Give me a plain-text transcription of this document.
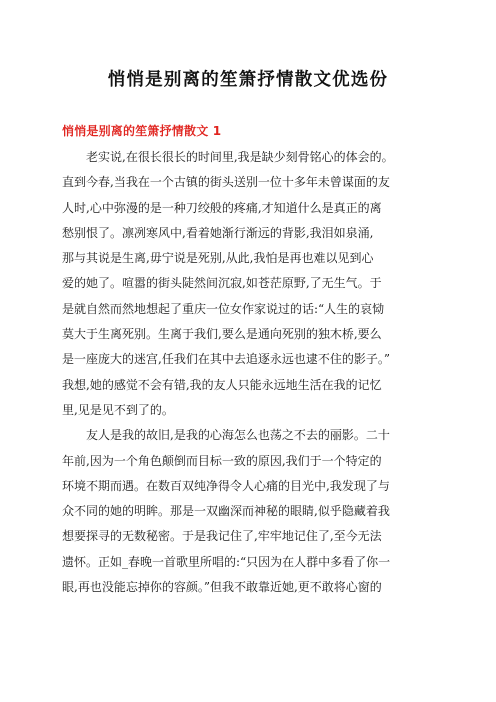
悄悄是别离的笙箫抒情散文优选份
悄悄是别离的笙箫抒情散文 1
老实说,在很长很长的时间里,我是缺少刻骨铭心的体会的。
直到今春,当我在一个古镇的街头送别一位十多年未曾谋面的友
人时,心中弥漫的是一种刀绞般的疼痛,才知道什么是真正的离
愁别恨了。凛冽寒风中,看着她渐行渐远的背影,我泪如泉涌,
那与其说是生离,毋宁说是死别,从此,我怕是再也难以见到心
爱的她了。喧嚣的街头陡然间沉寂,如苍茫原野,了无生气。于
是就自然而然地想起了重庆一位女作家说过的话:“人生的哀恸
莫大于生离死别。生离于我们,要么是通向死别的独木桥,要么
是一座庞大的迷宫,任我们在其中去追逐永远也逮不住的影子。”
我想,她的感觉不会有错,我的友人只能永远地生活在我的记忆
里,见是见不到了的。
友人是我的故旧,是我的心海怎么也荡之不去的丽影。二十
年前,因为一个角色颠倒而目标一致的原因,我们于一个特定的
环境不期而遇。在数百双纯净得令人心痛的目光中,我发现了与
众不同的她的明眸。那是一双幽深而神秘的眼睛,似乎隐藏着我
想要探寻的无数秘密。于是我记住了,牢牢地记住了,至今无法
遗怀。正如_春晚一首歌里所唱的:“只因为在人群中多看了你一
眼,再也没能忘掉你的容颜。”但我不敢靠近她,更不敢将心窗的
